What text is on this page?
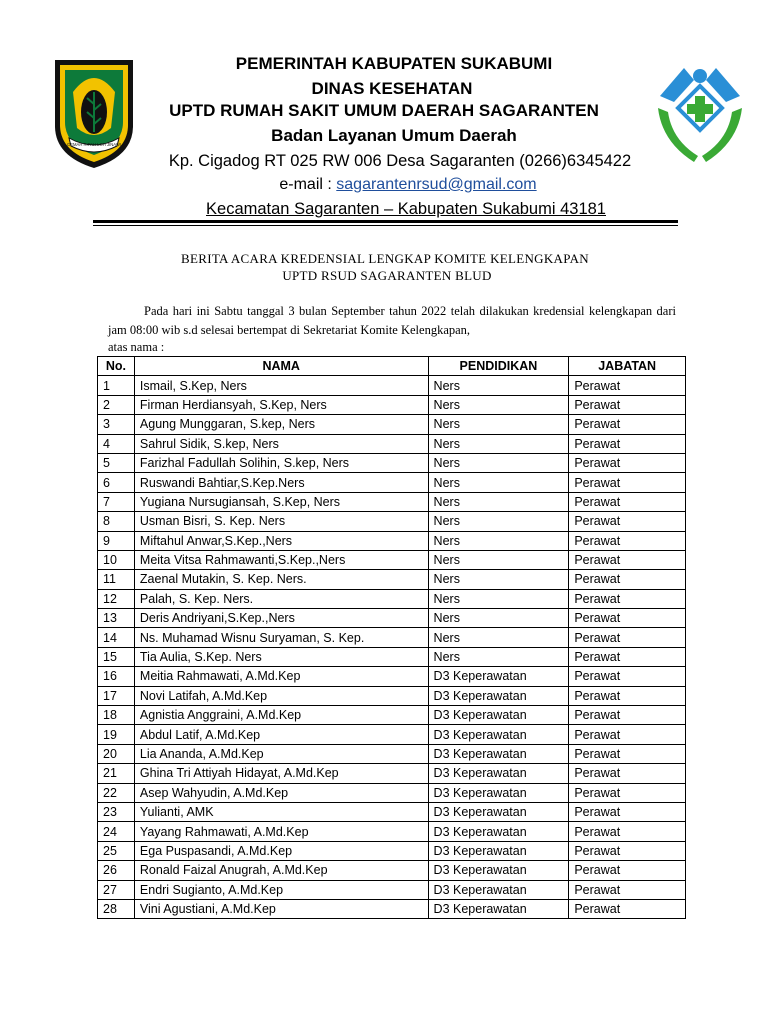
GEMAH RIPAH LOH JINAWI
PEMERINTAH KABUPATEN SUKABUMI
DINAS KESEHATAN
UPTD RUMAH SAKIT UMUM DAERAH SAGARANTEN
Badan Layanan Umum Daerah
Kp. Cigadog RT 025 RW 006 Desa Sagaranten (0266)6345422
e-mail : sagarantenrsud@gmail.com
Kecamatan Sagaranten – Kabupaten Sukabumi 43181
BERITA ACARA KREDENSIAL LENGKAP KOMITE KELENGKAPAN
UPTD RSUD SAGARANTEN BLUD
Pada hari ini Sabtu tanggal 3 bulan September tahun 2022 telah dilakukan kredensial kelengkapan dari jam 08:00 wib s.d selesai bertempat di Sekretariat Komite Kelengkapan,
atas nama :
No.	NAMA	PENDIDIKAN	JABATAN
1	Ismail, S.Kep, Ners	Ners	Perawat
2	Firman Herdiansyah, S.Kep, Ners	Ners	Perawat
3	Agung Munggaran, S.kep, Ners	Ners	Perawat
4	Sahrul Sidik, S.kep, Ners	Ners	Perawat
5	Farizhal Fadullah Solihin, S.kep, Ners	Ners	Perawat
6	Ruswandi Bahtiar,S.Kep.Ners	Ners	Perawat
7	Yugiana Nursugiansah, S.Kep, Ners	Ners	Perawat
8	Usman Bisri, S. Kep. Ners	Ners	Perawat
9	Miftahul Anwar,S.Kep.,Ners	Ners	Perawat
10	Meita Vitsa Rahmawanti,S.Kep.,Ners	Ners	Perawat
11	Zaenal Mutakin, S. Kep. Ners.	Ners	Perawat
12	Palah, S. Kep. Ners.	Ners	Perawat
13	Deris Andriyani,S.Kep.,Ners	Ners	Perawat
14	Ns. Muhamad Wisnu Suryaman, S. Kep.	Ners	Perawat
15	Tia Aulia, S.Kep. Ners	Ners	Perawat
16	Meitia Rahmawati, A.Md.Kep	D3 Keperawatan	Perawat
17	Novi Latifah, A.Md.Kep	D3 Keperawatan	Perawat
18	Agnistia Anggraini, A.Md.Kep	D3 Keperawatan	Perawat
19	Abdul Latif, A.Md.Kep	D3 Keperawatan	Perawat
20	Lia Ananda, A.Md.Kep	D3 Keperawatan	Perawat
21	Ghina Tri Attiyah Hidayat, A.Md.Kep	D3 Keperawatan	Perawat
22	Asep Wahyudin, A.Md.Kep	D3 Keperawatan	Perawat
23	Yulianti, AMK	D3 Keperawatan	Perawat
24	Yayang Rahmawati, A.Md.Kep	D3 Keperawatan	Perawat
25	Ega Puspasandi, A.Md.Kep	D3 Keperawatan	Perawat
26	Ronald Faizal Anugrah, A.Md.Kep	D3 Keperawatan	Perawat
27	Endri Sugianto, A.Md.Kep	D3 Keperawatan	Perawat
28	Vini Agustiani, A.Md.Kep	D3 Keperawatan	Perawat
